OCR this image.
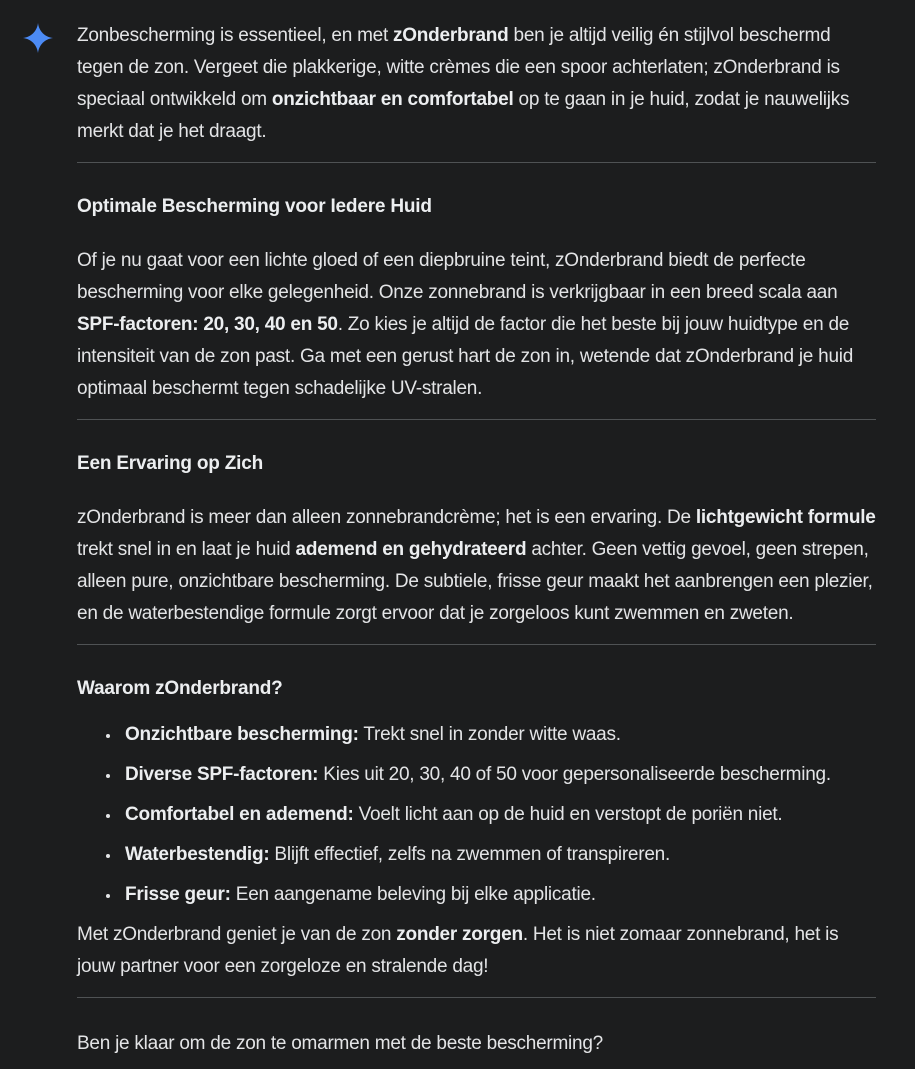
Zonbescherming is essentieel, en met zOnderbrand ben je altijd veilig én stijlvol beschermd tegen de zon. Vergeet die plakkerige, witte crèmes die een spoor achterlaten; zOnderbrand is speciaal ontwikkeld om onzichtbaar en comfortabel op te gaan in je huid, zodat je nauwelijks merkt dat je het draagt.

Optimale Bescherming voor Iedere Huid

Of je nu gaat voor een lichte gloed of een diepbruine teint, zOnderbrand biedt de perfecte bescherming voor elke gelegenheid. Onze zonnebrand is verkrijgbaar in een breed scala aan SPF-factoren: 20, 30, 40 en 50. Zo kies je altijd de factor die het beste bij jouw huidtype en de intensiteit van de zon past. Ga met een gerust hart de zon in, wetende dat zOnderbrand je huid optimaal beschermt tegen schadelijke UV-stralen.

Een Ervaring op Zich

zOnderbrand is meer dan alleen zonnebrandcrème; het is een ervaring. De lichtgewicht formule trekt snel in en laat je huid ademend en gehydrateerd achter. Geen vettig gevoel, geen strepen, alleen pure, onzichtbare bescherming. De subtiele, frisse geur maakt het aanbrengen een plezier, en de waterbestendige formule zorgt ervoor dat je zorgeloos kunt zwemmen en zweten.

Waarom zOnderbrand?
• Onzichtbare bescherming: Trekt snel in zonder witte waas.
• Diverse SPF-factoren: Kies uit 20, 30, 40 of 50 voor gepersonaliseerde bescherming.
• Comfortabel en ademend: Voelt licht aan op de huid en verstopt de poriën niet.
• Waterbestendig: Blijft effectief, zelfs na zwemmen of transpireren.
• Frisse geur: Een aangename beleving bij elke applicatie.

Met zOnderbrand geniet je van de zon zonder zorgen. Het is niet zomaar zonnebrand, het is jouw partner voor een zorgeloze en stralende dag!

Ben je klaar om de zon te omarmen met de beste bescherming?
